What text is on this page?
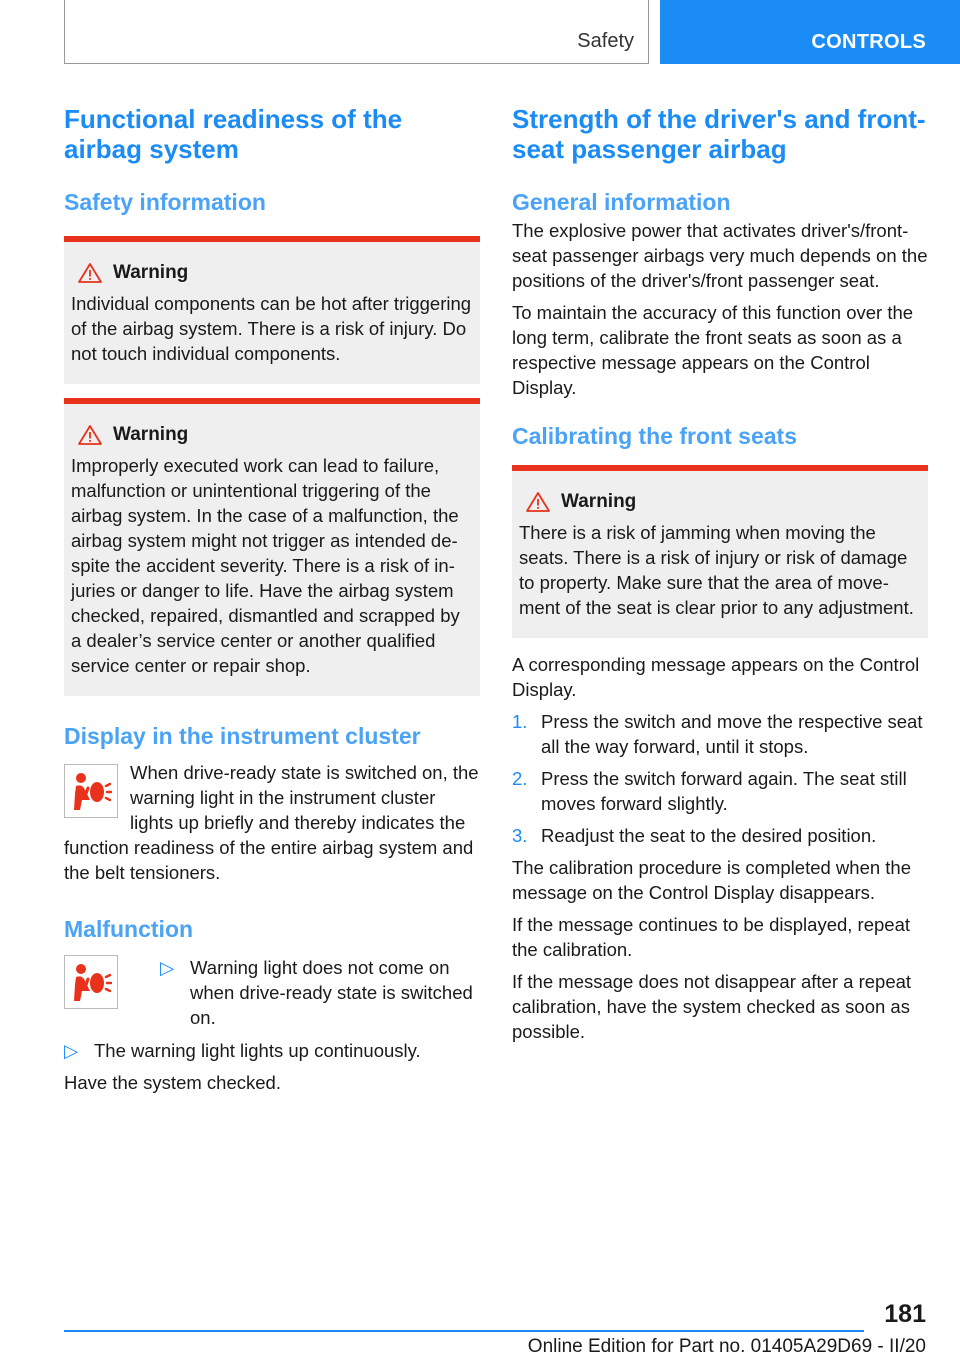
Safety	CONTROLS
Functional readiness of the airbag system
Safety information
Warning
Individual components can be hot after triggering of the airbag system. There is a risk of injury. Do not touch individual components.
Warning
Improperly executed work can lead to failure, malfunction or unintentional triggering of the airbag system. In the case of a malfunction, the airbag system might not trigger as intended despite the accident severity. There is a risk of injuries or danger to life. Have the airbag system checked, repaired, dismantled and scrapped by a dealer’s service center or another qualified service center or repair shop.
Display in the instrument cluster

When drive-ready state is switched on, the warning light in the instrument cluster lights up briefly and thereby indicates the function readiness of the entire airbag system and the belt tensioners.

Malfunction
▷ Warning light does not come on when drive-ready state is switched on.
▷ The warning light lights up continuously.

Have the system checked.

Strength of the driver's and front-seat passenger airbag
General information

The explosive power that activates driver's/front-seat passenger airbags very much depends on the positions of the driver's/front passenger seat.

To maintain the accuracy of this function over the long term, calibrate the front seats as soon as a respective message appears on the Control Display.

Calibrating the front seats
Warning
There is a risk of jamming when moving the seats. There is a risk of injury or risk of damage to property. Make sure that the area of movement of the seat is clear prior to any adjustment.

A corresponding message appears on the Control Display.

1. Press the switch and move the respective seat all the way forward, until it stops.
2. Press the switch forward again. The seat still moves forward slightly.
3. Readjust the seat to the desired position.

The calibration procedure is completed when the message on the Control Display disappears.

If the message continues to be displayed, repeat the calibration.

If the message does not disappear after a repeat calibration, have the system checked as soon as possible.

181
Online Edition for Part no. 01405A29D69 - II/20
